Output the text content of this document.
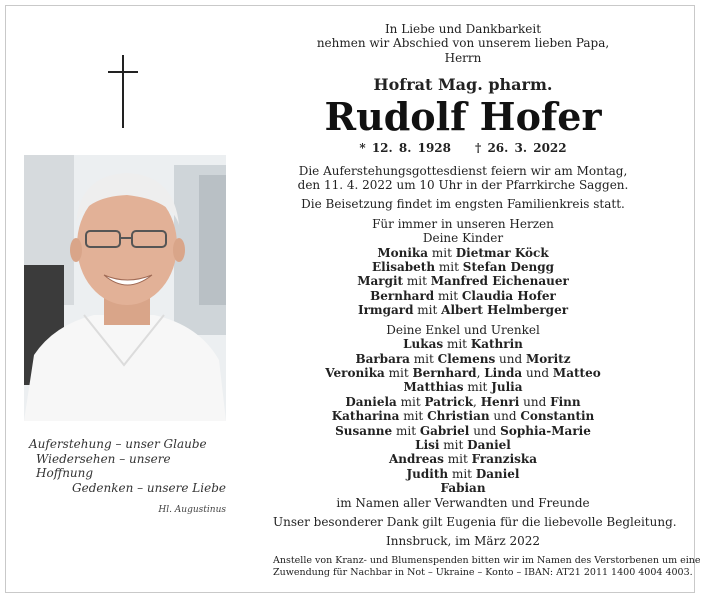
Auferstehung – unser Glaube
Wiedersehen – unsere Hoffnung
Gedenken – unsere Liebe
Hl. Augustinus
In Liebe und Dankbarkeit
nehmen wir Abschied von unserem lieben Papa,
Herrn
Hofrat Mag. pharm.
Rudolf Hofer
* 12. 8. 1928 † 26. 3. 2022
Die Auferstehungsgottesdienst feiern wir am Montag,
den 11. 4. 2022 um 10 Uhr in der Pfarrkirche Saggen.
Die Beisetzung findet im engsten Familienkreis statt.
Für immer in unseren Herzen
Deine Kinder
Monika mit Dietmar Köck
Elisabeth mit Stefan Dengg
Margit mit Manfred Eichenauer
Bernhard mit Claudia Hofer
Irmgard mit Albert Helmberger
Deine Enkel und Urenkel
Lukas mit Kathrin
Barbara mit Clemens und Moritz
Veronika mit Bernhard, Linda und Matteo
Matthias mit Julia
Daniela mit Patrick, Henri und Finn
Katharina mit Christian und Constantin
Susanne mit Gabriel und Sophia-Marie
Lisi mit Daniel
Andreas mit Franziska
Judith mit Daniel
Fabian
im Namen aller Verwandten und Freunde
Unser besonderer Dank gilt Eugenia für die liebevolle Begleitung.
Innsbruck, im März 2022
Anstelle von Kranz- und Blumenspenden bitten wir im Namen des Verstorbenen um eine
Zuwendung für Nachbar in Not – Ukraine – Konto – IBAN: AT21 2011 1400 4004 4003.
